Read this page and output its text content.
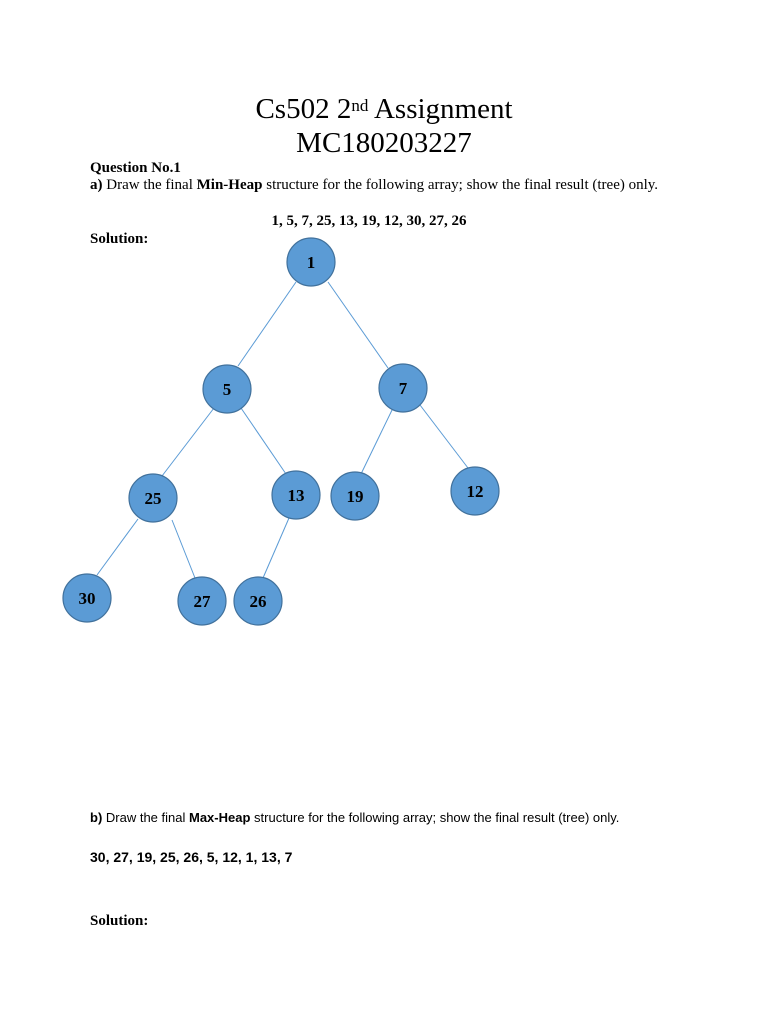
Cs502 2nd Assignment
MC180203227
Question No.1
a) Draw the final Min-Heap structure for the following array; show the final result (tree) only.
1, 5, 7, 25, 13, 19, 12, 30, 27, 26
Solution:
1
5	7
25	13 19	12
30	27 26
b) Draw the final Max-Heap structure for the following array; show the final result (tree) only.
30, 27, 19, 25, 26, 5, 12, 1, 13, 7
Solution:
